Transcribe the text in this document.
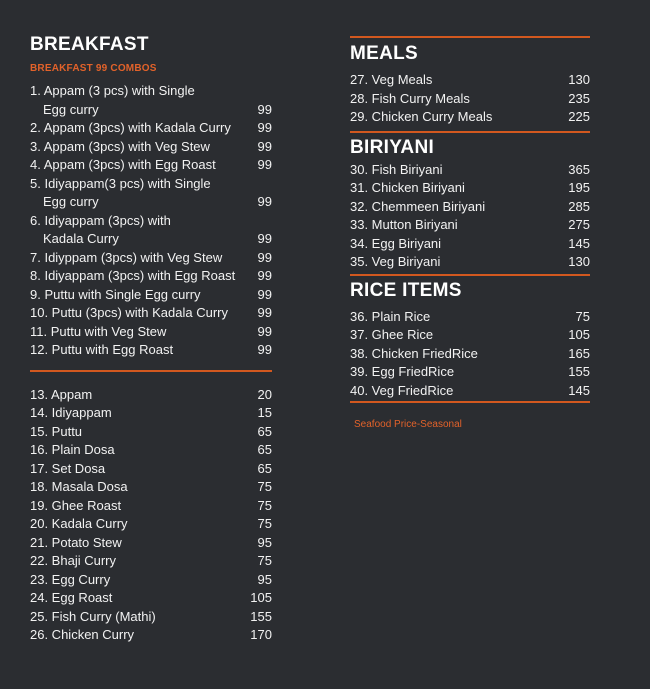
BREAKFAST
BREAKFAST 99 COMBOS
1. Appam (3 pcs) with Single
Egg curry	99
2. Appam (3pcs) with Kadala Curry 99
3. Appam (3pcs) with Veg Stew	99
4. Appam (3pcs) with Egg Roast	99
5. Idiyappam(3 pcs) with Single
Egg curry	99
6. Idiyappam (3pcs) with
Kadala Curry	99
7. Idiyppam (3pcs) with Veg Stew	99
8. Idiyappam (3pcs) with Egg Roast 99
9. Puttu with Single Egg curry	99
10. Puttu (3pcs) with Kadala Curry 99
11. Puttu with Veg Stew	99
12. Puttu with Egg Roast	99
13. Appam	20
14. Idiyappam	15
15. Puttu	65
16. Plain Dosa	65
17. Set Dosa	65
18. Masala Dosa	75
19. Ghee Roast	75
20. Kadala Curry	75
21. Potato Stew	95
22. Bhaji Curry	75
23. Egg Curry	95
24. Egg Roast	105
25. Fish Curry (Mathi)	155
26. Chicken Curry	170
MEALS
27. Veg Meals	130
28. Fish Curry Meals	235
29. Chicken Curry Meals	225
BIRIYANI
30. Fish Biriyani	365
31. Chicken Biriyani	195
32. Chemmeen Biriyani	285
33. Mutton Biriyani	275
34. Egg Biriyani	145
35. Veg Biriyani	130
RICE ITEMS
36. Plain Rice	75
37. Ghee Rice	105
38. Chicken FriedRice	165
39. Egg FriedRice	155
40. Veg FriedRice	145
Seafood Price-Seasonal
